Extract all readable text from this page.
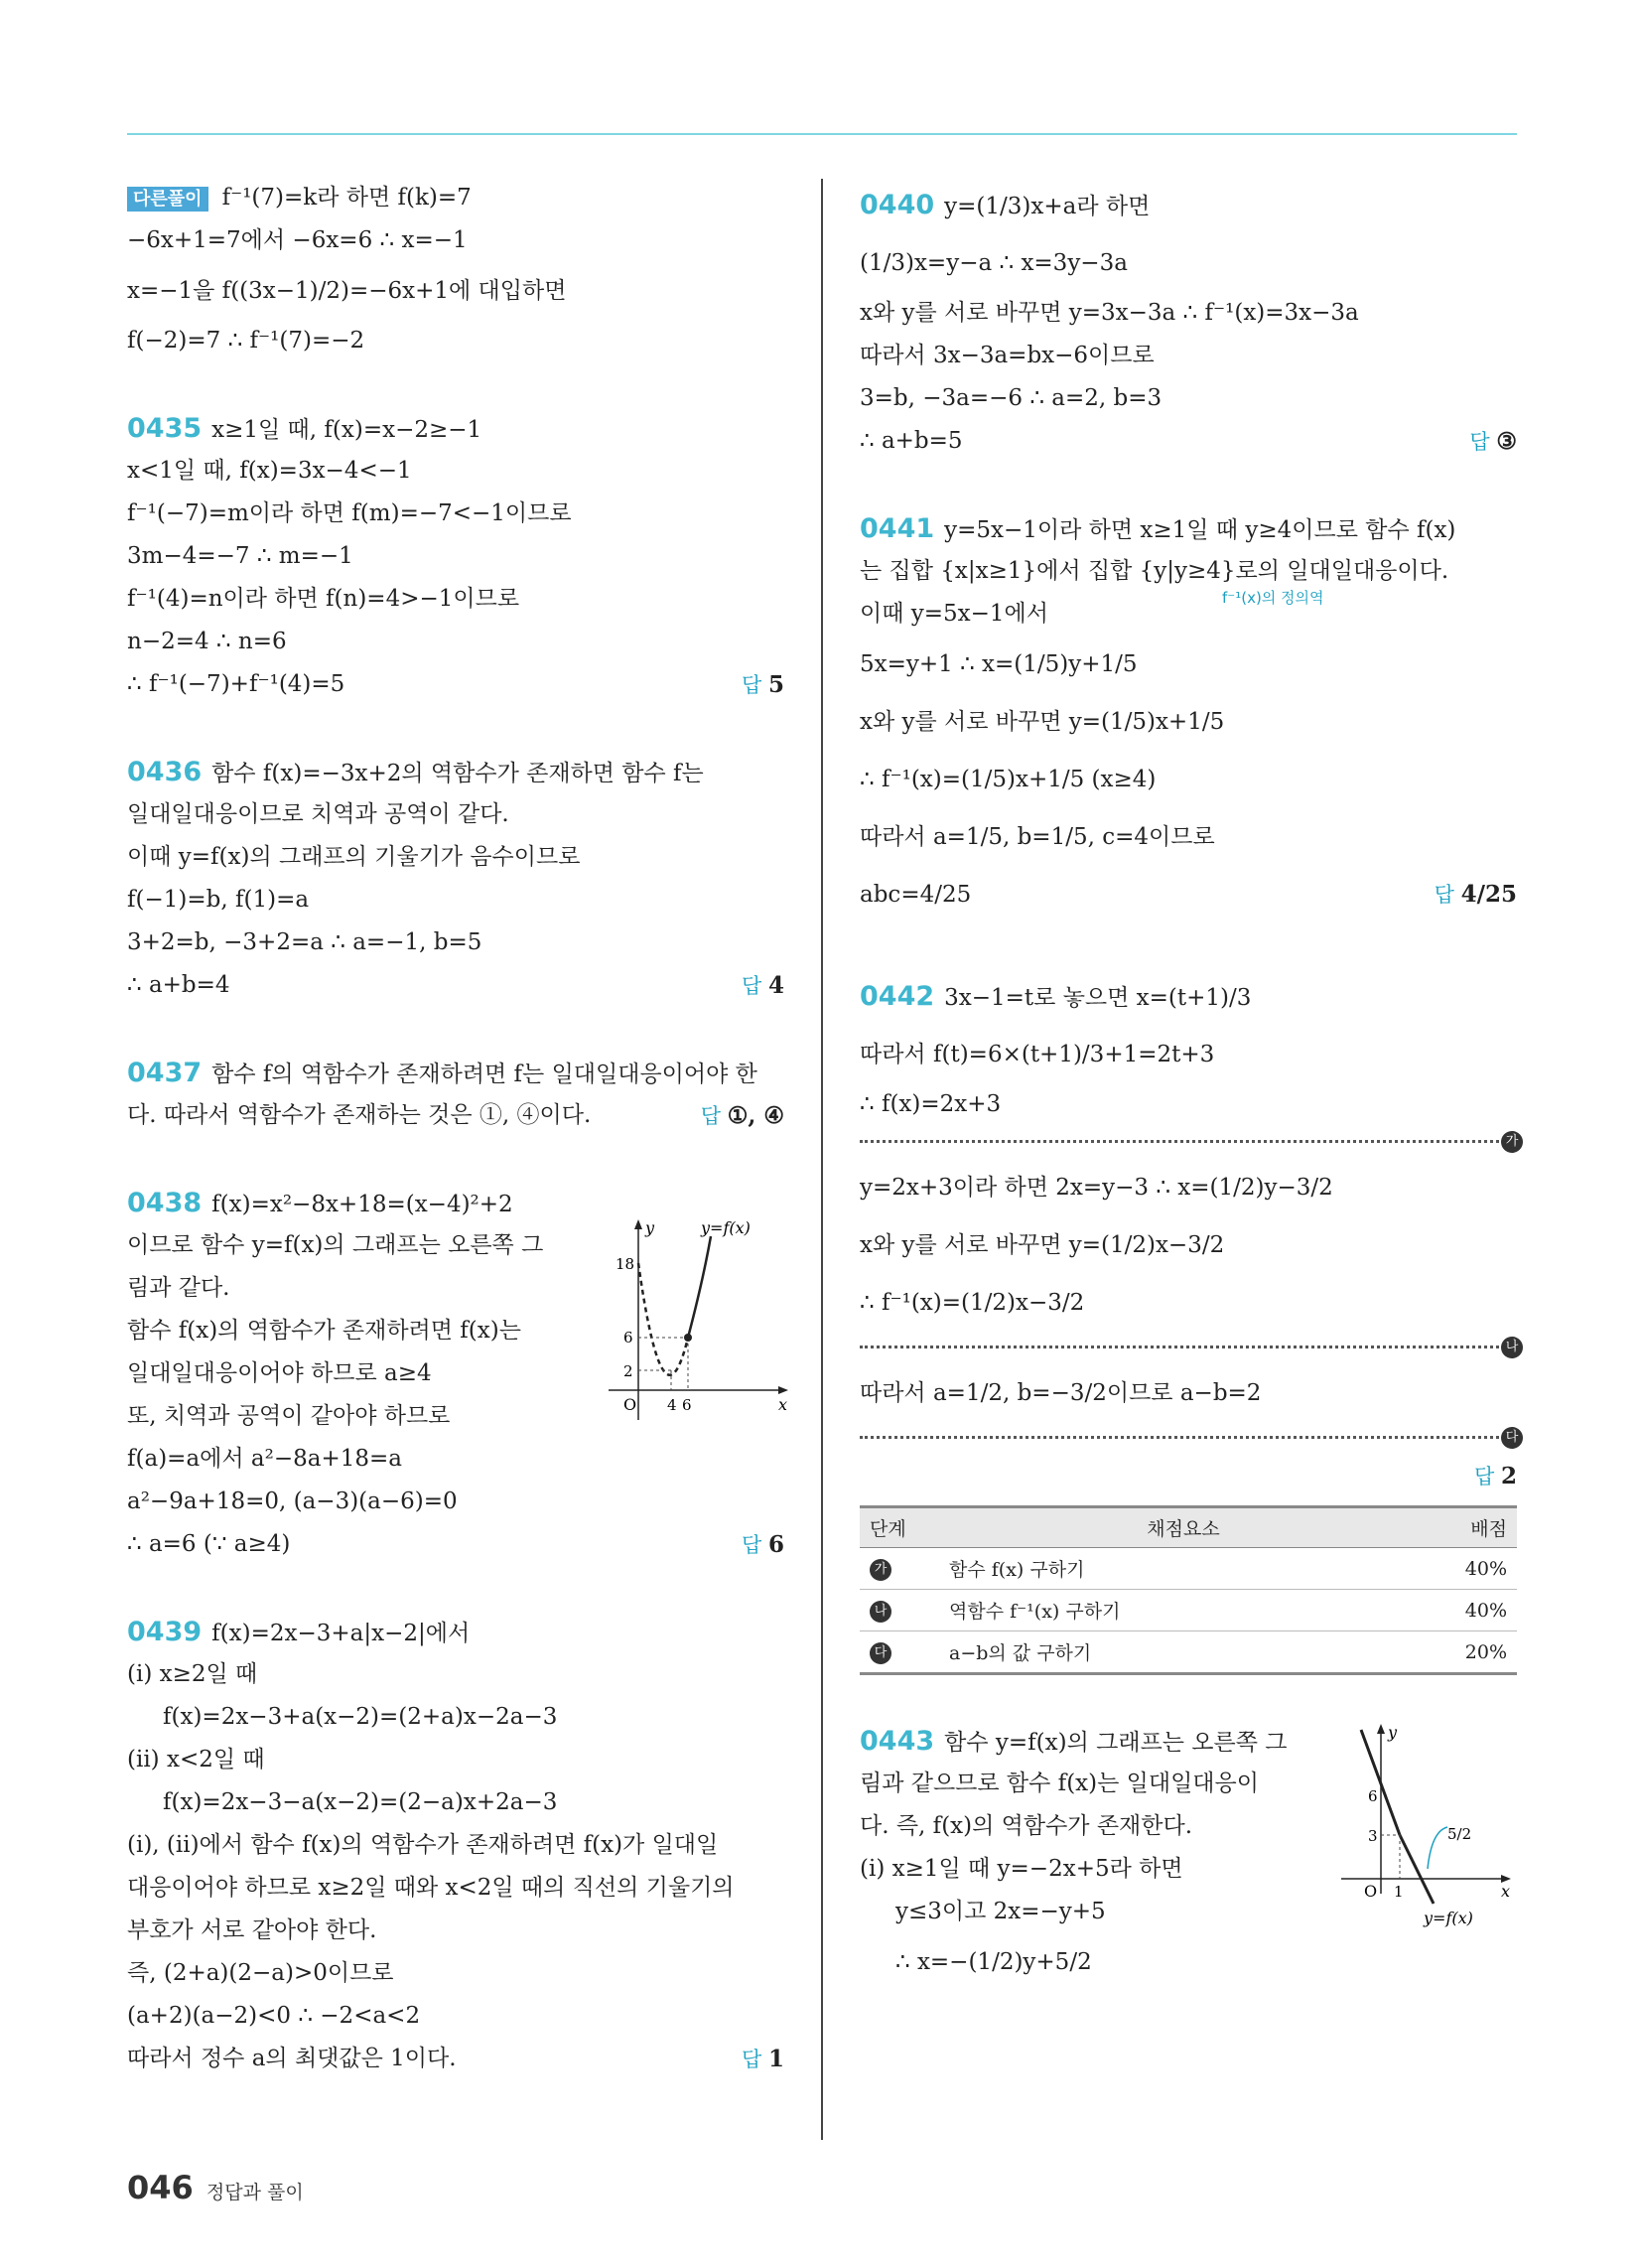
다른풀이 f⁻¹(7)=k라 하면 f(k)=7
−6x+1=7에서 −6x=6 ∴ x=−1
x=−1을 f((3x−1)/2)=−6x+1에 대입하면
f(−2)=7 ∴ f⁻¹(7)=−2
0435 x≥1일 때, f(x)=x−2≥−1
x<1일 때, f(x)=3x−4<−1
f⁻¹(−7)=m이라 하면 f(m)=−7<−1이므로
3m−4=−7 ∴ m=−1
f⁻¹(4)=n이라 하면 f(n)=4>−1이므로
n−2=4 ∴ n=6
∴ f⁻¹(−7)+f⁻¹(4)=5	답 5
0436 함수 f(x)=−3x+2의 역함수가 존재하면 함수 f는
일대일대응이므로 치역과 공역이 같다.
이때 y=f(x)의 그래프의 기울기가 음수이므로
f(−1)=b, f(1)=a
3+2=b, −3+2=a ∴ a=−1, b=5
∴ a+b=4	답 4
0437 함수 f의 역함수가 존재하려면 f는 일대일대응이어야 한
다. 따라서 역함수가 존재하는 것은 ①, ④이다.	답 ①, ④
0438 f(x)=x²−8x+18=(x−4)²+2
이므로 함수 y=f(x)의 그래프는 오른쪽 그
림과 같다.
함수 f(x)의 역함수가 존재하려면 f(x)는
일대일대응이어야 하므로 a≥4
또, 치역과 공역이 같아야 하므로
f(a)=a에서 a²−8a+18=a
a²−9a+18=0, (a−3)(a−6)=0
∴ a=6 (∵ a≥4)	답 6
y
x
O
y=f(x)
18
6
2
4 6
0439 f(x)=2x−3+a|x−2|에서
(i) x≥2일 때
f(x)=2x−3+a(x−2)=(2+a)x−2a−3
(ii) x<2일 때
f(x)=2x−3−a(x−2)=(2−a)x+2a−3
(i), (ii)에서 함수 f(x)의 역함수가 존재하려면 f(x)가 일대일
대응이어야 하므로 x≥2일 때와 x<2일 때의 직선의 기울기의
부호가 서로 같아야 한다.
즉, (2+a)(2−a)>0이므로
(a+2)(a−2)<0 ∴ −2<a<2
따라서 정수 a의 최댓값은 1이다.	답 1
0440 y=(1/3)x+a라 하면
(1/3)x=y−a ∴ x=3y−3a
x와 y를 서로 바꾸면 y=3x−3a ∴ f⁻¹(x)=3x−3a
따라서 3x−3a=bx−6이므로
3=b, −3a=−6 ∴ a=2, b=3
∴ a+b=5	답 ③
0441 y=5x−1이라 하면 x≥1일 때 y≥4이므로 함수 f(x)
는 집합 {x|x≥1}에서 집합 {y|y≥4}로의 일대일대응이다.
이때 y=5x−1에서
f⁻¹(x)의 정의역
5x=y+1 ∴ x=(1/5)y+1/5
x와 y를 서로 바꾸면 y=(1/5)x+1/5
∴ f⁻¹(x)=(1/5)x+1/5 (x≥4)
따라서 a=1/5, b=1/5, c=4이므로
abc=4/25	답 4/25
0442 3x−1=t로 놓으면 x=(t+1)/3
따라서 f(t)=6×(t+1)/3+1=2t+3
∴ f(x)=2x+3
가
y=2x+3이라 하면 2x=y−3 ∴ x=(1/2)y−3/2
x와 y를 서로 바꾸면 y=(1/2)x−3/2
∴ f⁻¹(x)=(1/2)x−3/2
나
따라서 a=1/2, b=−3/2이므로 a−b=2
다
답 2
단계	채점요소	배점
가	함수 f(x) 구하기	40%
나	역함수 f⁻¹(x) 구하기	40%
다	a−b의 값 구하기	20%
0443 함수 y=f(x)의 그래프는 오른쪽 그
림과 같으므로 함수 f(x)는 일대일대응이
다. 즉, f(x)의 역함수가 존재한다.
(i) x≥1일 때 y=−2x+5라 하면
y≤3이고 2x=−y+5
∴ x=−(1/2)y+5/2
y
x
O
6
3
1
5/2
y=f(x)
046 정답과 풀이
